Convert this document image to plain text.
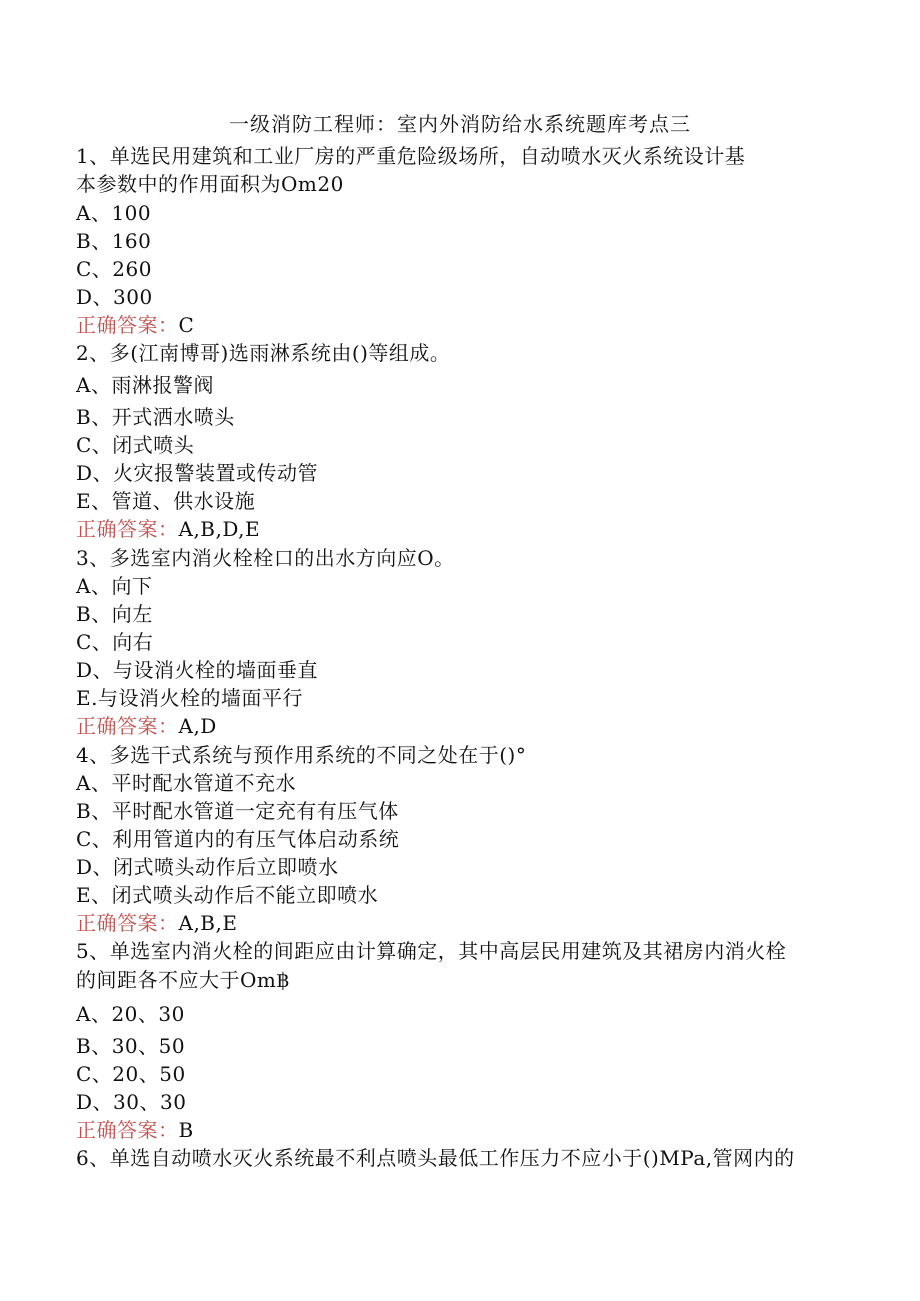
一级消防工程师：室内外消防给水系统题库考点三
1、单选民用建筑和工业厂房的严重危险级场所，自动喷水灭火系统设计基
本参数中的作用面积为Om20
A、100
B、160
C、260
D、300
正确答案：C
2、多(江南博哥)选雨淋系统由()等组成。
A、雨淋报警阀
B、开式洒水喷头
C、闭式喷头
D、火灾报警装置或传动管
E、管道、供水设施
正确答案：A,B,D,E
3、多选室内消火栓栓口的出水方向应O。
A、向下
B、向左
C、向右
D、与设消火栓的墙面垂直
E.与设消火栓的墙面平行
正确答案：A,D
4、多选干式系统与预作用系统的不同之处在于()°
A、平时配水管道不充水
B、平时配水管道一定充有有压气体
C、利用管道内的有压气体启动系统
D、闭式喷头动作后立即喷水
E、闭式喷头动作后不能立即喷水
正确答案：A,B,E
5、单选室内消火栓的间距应由计算确定，其中高层民用建筑及其裙房内消火栓
的间距各不应大于Om฿
A、20、30
B、30、50
C、20、50
D、30、30
正确答案：B
6、单选自动喷水灭火系统最不利点喷头最低工作压力不应小于()MPa,管网内的
